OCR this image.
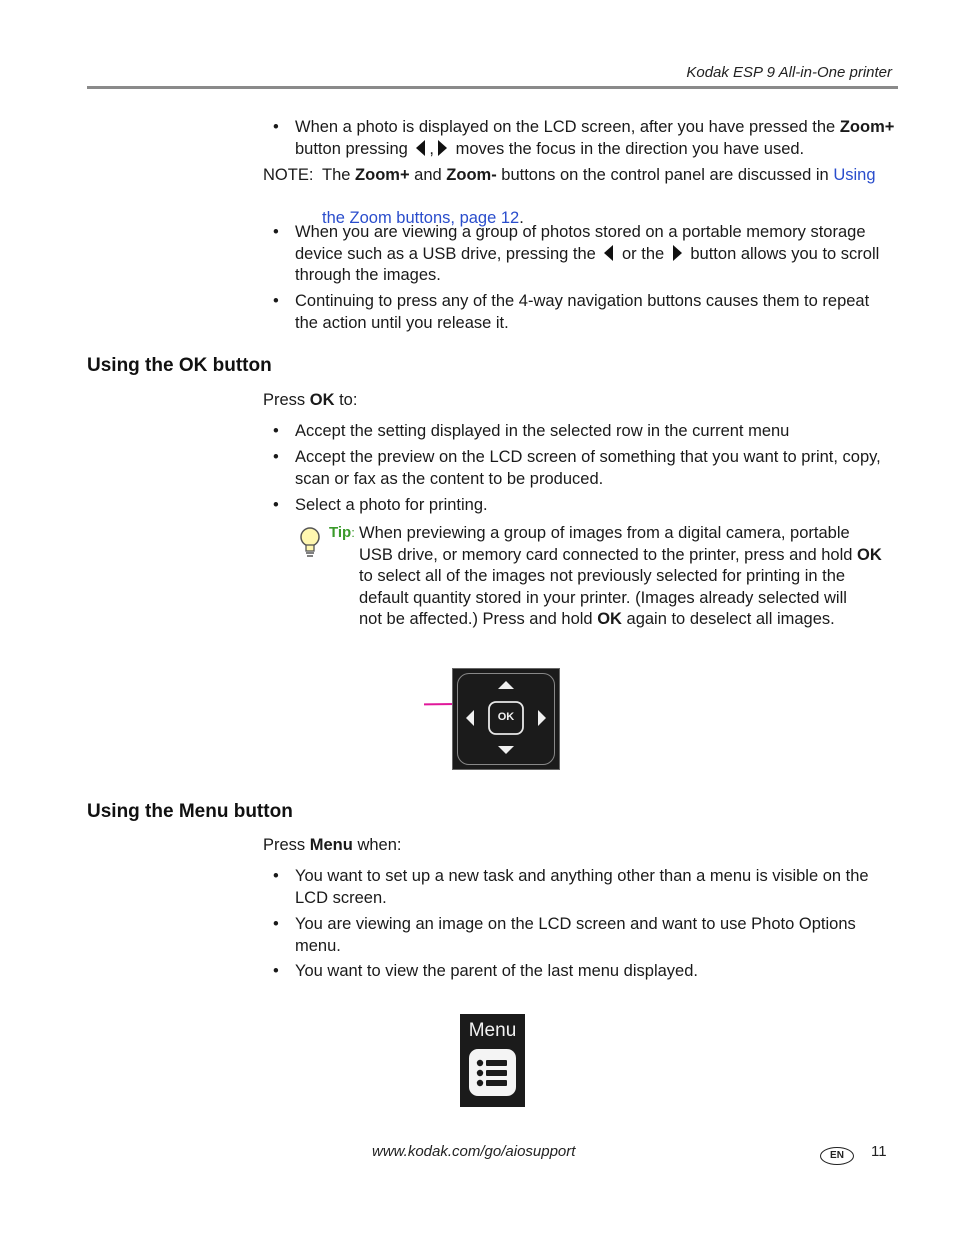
Kodak ESP 9 All-in-One printer
• When a photo is displayed on the LCD screen, after you have pressed the Zoom+
button pressing , moves the focus in the direction you have used.
NOTE: The Zoom+ and Zoom- buttons on the control panel are discussed in Using
the Zoom buttons, page 12.
• When you are viewing a group of photos stored on a portable memory storage
device such as a USB drive, pressing the  or the  button allows you to scroll
through the images.
• Continuing to press any of the 4-way navigation buttons causes them to repeat
the action until you release it.
Using the OK button
Press OK to:
• Accept the setting displayed in the selected row in the current menu
• Accept the preview on the LCD screen of something that you want to print, copy,
scan or fax as the content to be produced.
• Select a photo for printing.
Tip: When previewing a group of images from a digital camera, portable
USB drive, or memory card connected to the printer, press and hold OK
to select all of the images not previously selected for printing in the
default quantity stored in your printer. (Images already selected will
not be affected.) Press and hold OK again to deselect all images.
OK
Using the Menu button
Press Menu when:
• You want to set up a new task and anything other than a menu is visible on the
LCD screen.
• You are viewing an image on the LCD screen and want to use Photo Options
menu.
• You want to view the parent of the last menu displayed.
Menu
www.kodak.com/go/aiosupport	EN	11
